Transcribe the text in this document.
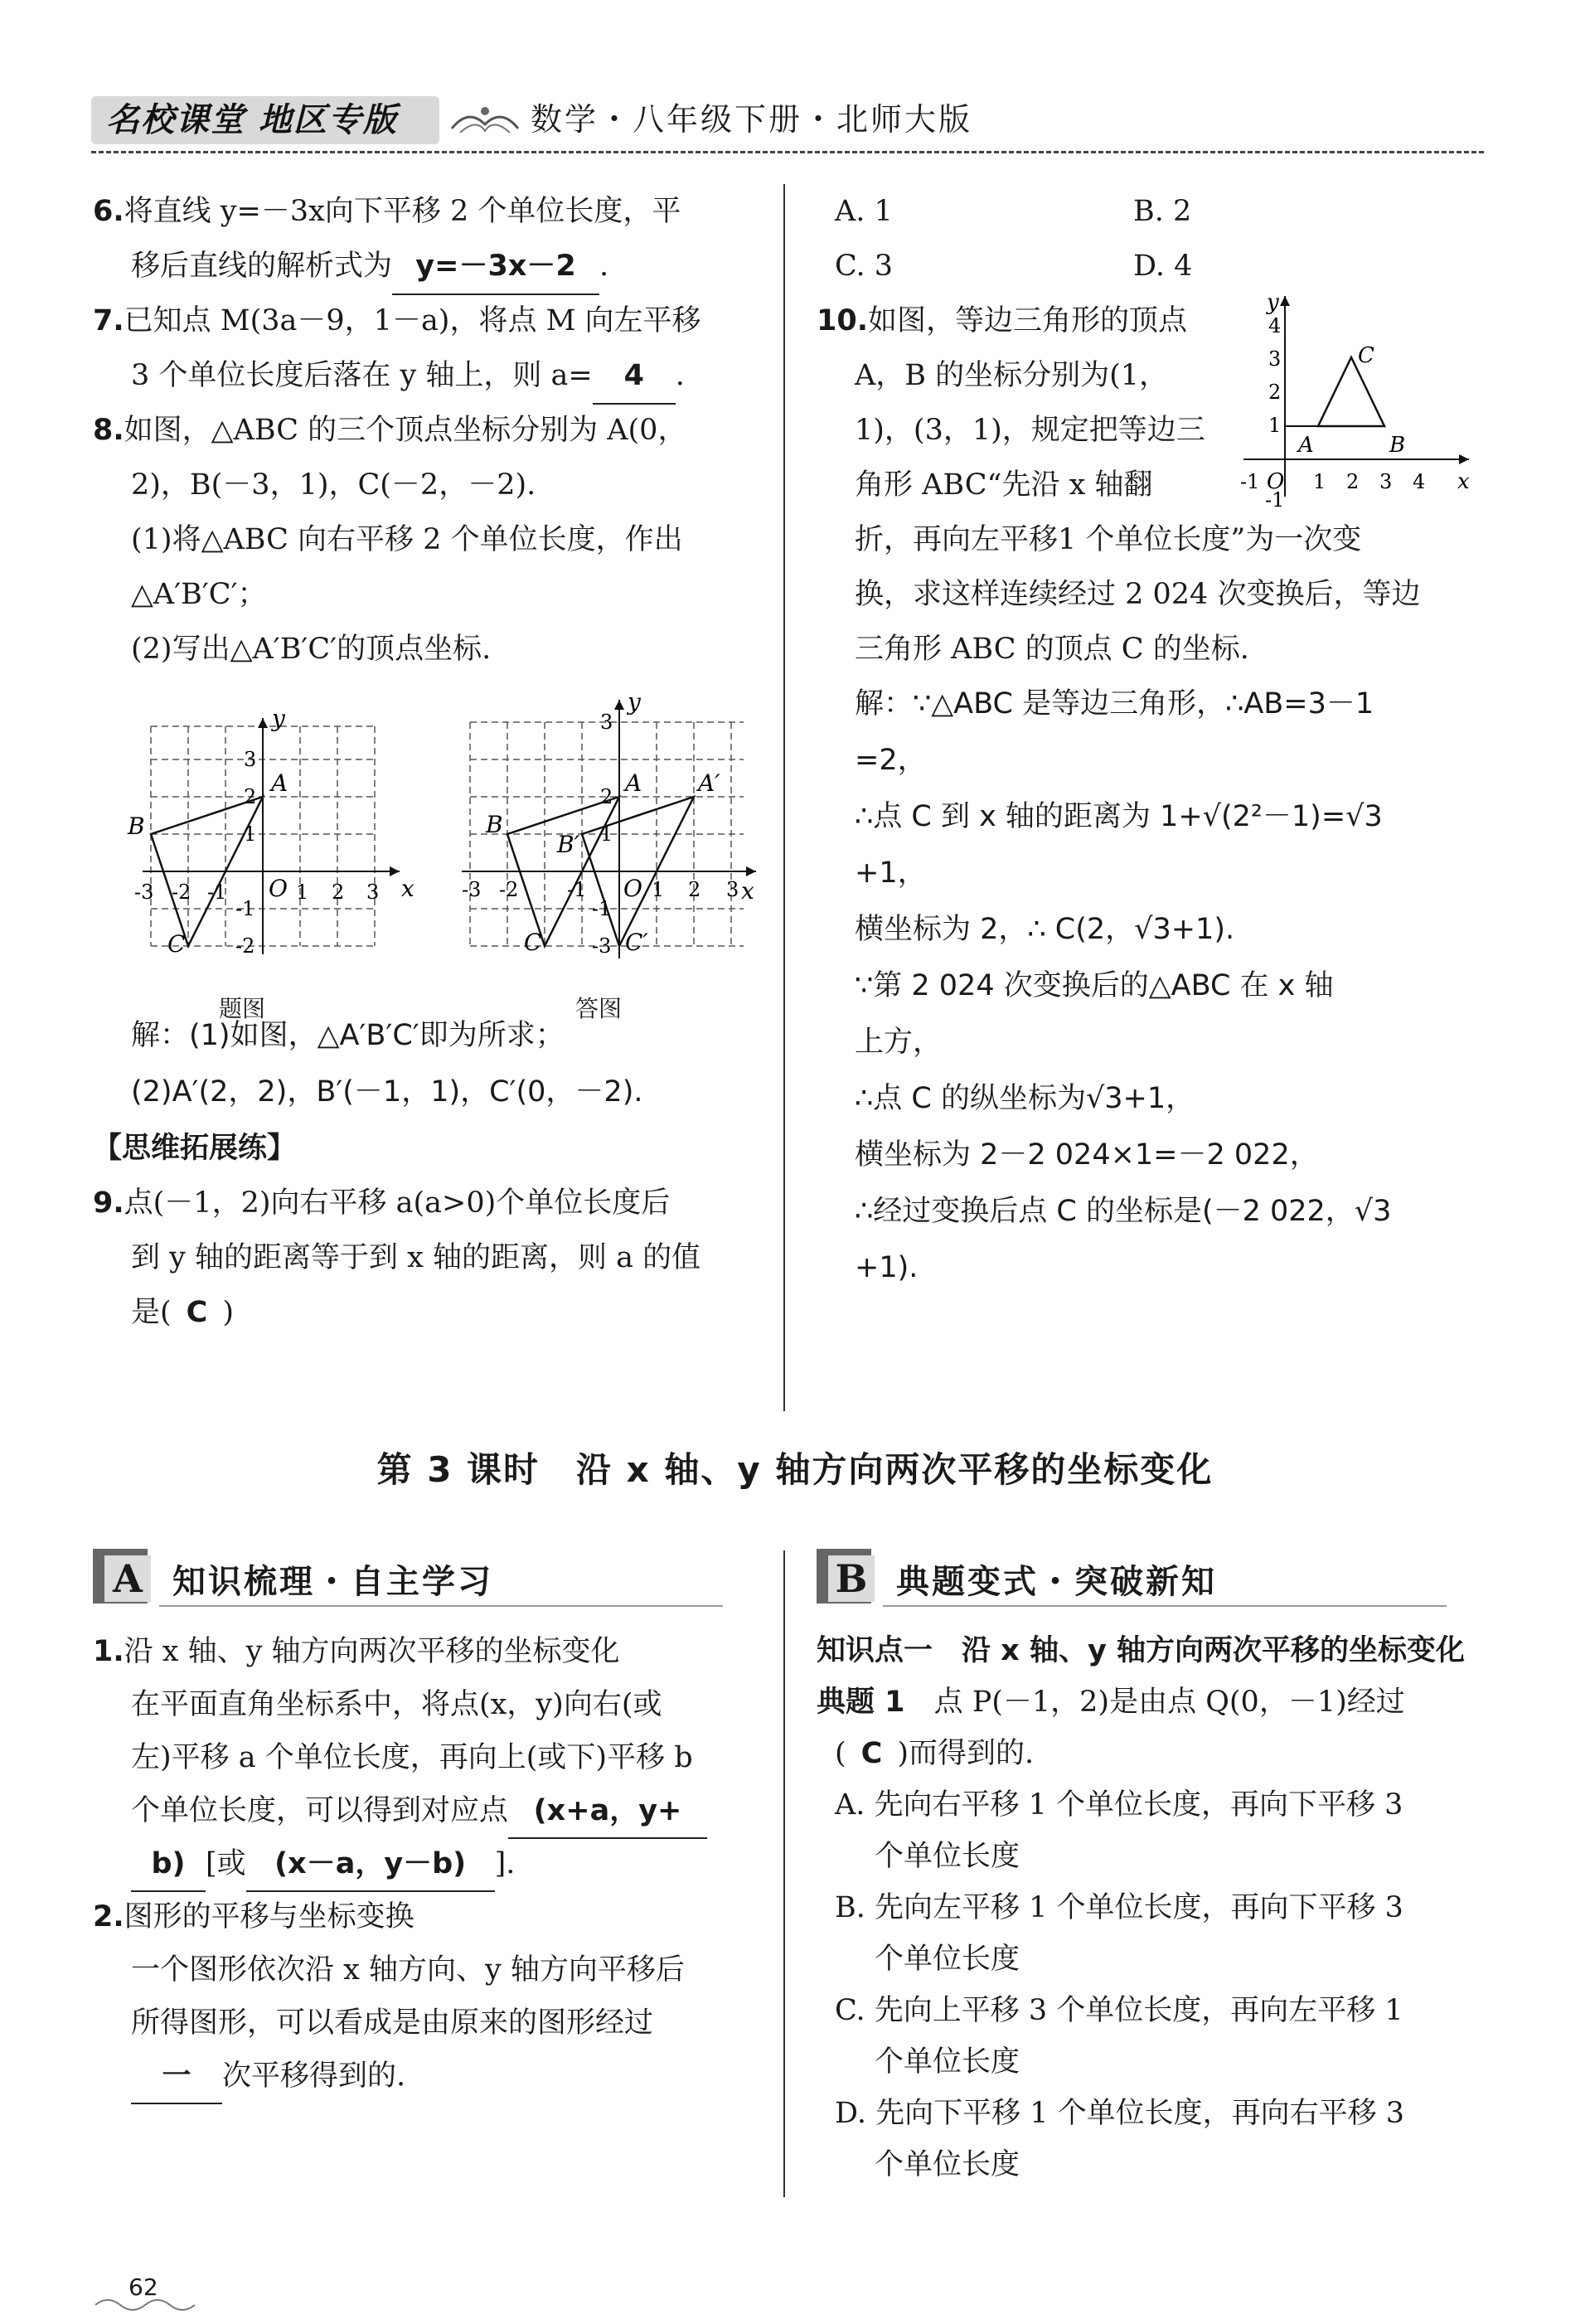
名校课堂 地区专版	数学・八年级下册・北师大版
6.将直线 y=－3x向下平移 2 个单位长度，平
移后直线的解析式为 y=－3x－2 .
7.已知点 M(3a－9，1－a)，将点 M 向左平移
3 个单位长度后落在 y 轴上，则 a= 4 .
8.如图，△ABC 的三个顶点坐标分别为 A(0，
2)，B(－3，1)，C(－2，－2).
(1)将△ABC 向右平移 2 个单位长度，作出
△A′B′C′；
(2)写出△A′B′C′的顶点坐标.
y
x
O
A
B
C
-3 -2 -1	1 2 3
3
2
1
-1
-2
题图
y
x
O
A A′
B
B′
C	C′
-3 -2 -1	1 2 3
3
2
1
-1
-3
答图
解：(1)如图，△A′B′C′即为所求；
(2)A′(2，2)，B′(－1，1)，C′(0，－2).
【思维拓展练】
9.点(－1，2)向右平移 a(a>0)个单位长度后
到 y 轴的距离等于到 x 轴的距离，则 a 的值
是( C )
A. 1	B. 2
C. 3	D. 4
10.如图，等边三角形的顶点
A，B 的坐标分别为(1，
1)，(3，1)，规定把等边三
角形 ABC“先沿 x 轴翻
折，再向左平移1 个单位长度”为一次变
换，求这样连续经过 2 024 次变换后，等边
三角形 ABC 的顶点 C 的坐标.
y
x
O
A	B
C
-1	1 2 3 4
4
3
2
1
-1
解：∵△ABC 是等边三角形，∴AB=3－1
=2，
∴点 C 到 x 轴的距离为 1+√(2²－1)=√3
+1，
横坐标为 2，∴ C(2，√3+1).
∵第 2 024 次变换后的△ABC 在 x 轴
上方，
∴点 C 的纵坐标为√3+1，
横坐标为 2－2 024×1=－2 022，
∴经过变换后点 C 的坐标是(－2 022，√3
+1).
第 3 课时　沿 x 轴、y 轴方向两次平移的坐标变化
A 知识梳理・自主学习	B 典题变式・突破新知
1.沿 x 轴、y 轴方向两次平移的坐标变化
在平面直角坐标系中，将点(x，y)向右(或
左)平移 a 个单位长度，再向上(或下)平移 b
个单位长度，可以得到对应点 (x+a，y+
b) [或 (x－a，y－b) ].
2.图形的平移与坐标变换
一个图形依次沿 x 轴方向、y 轴方向平移后
所得图形，可以看成是由原来的图形经过
一 次平移得到的.
知识点一　沿 x 轴、y 轴方向两次平移的坐标变化
典题 1　 点 P(－1，2)是由点 Q(0，－1)经过
( C )而得到的.
A. 先向右平移 1 个单位长度，再向下平移 3
个单位长度
B. 先向左平移 1 个单位长度，再向下平移 3
个单位长度
C. 先向上平移 3 个单位长度，再向左平移 1
个单位长度
D. 先向下平移 1 个单位长度，再向右平移 3
个单位长度
62
